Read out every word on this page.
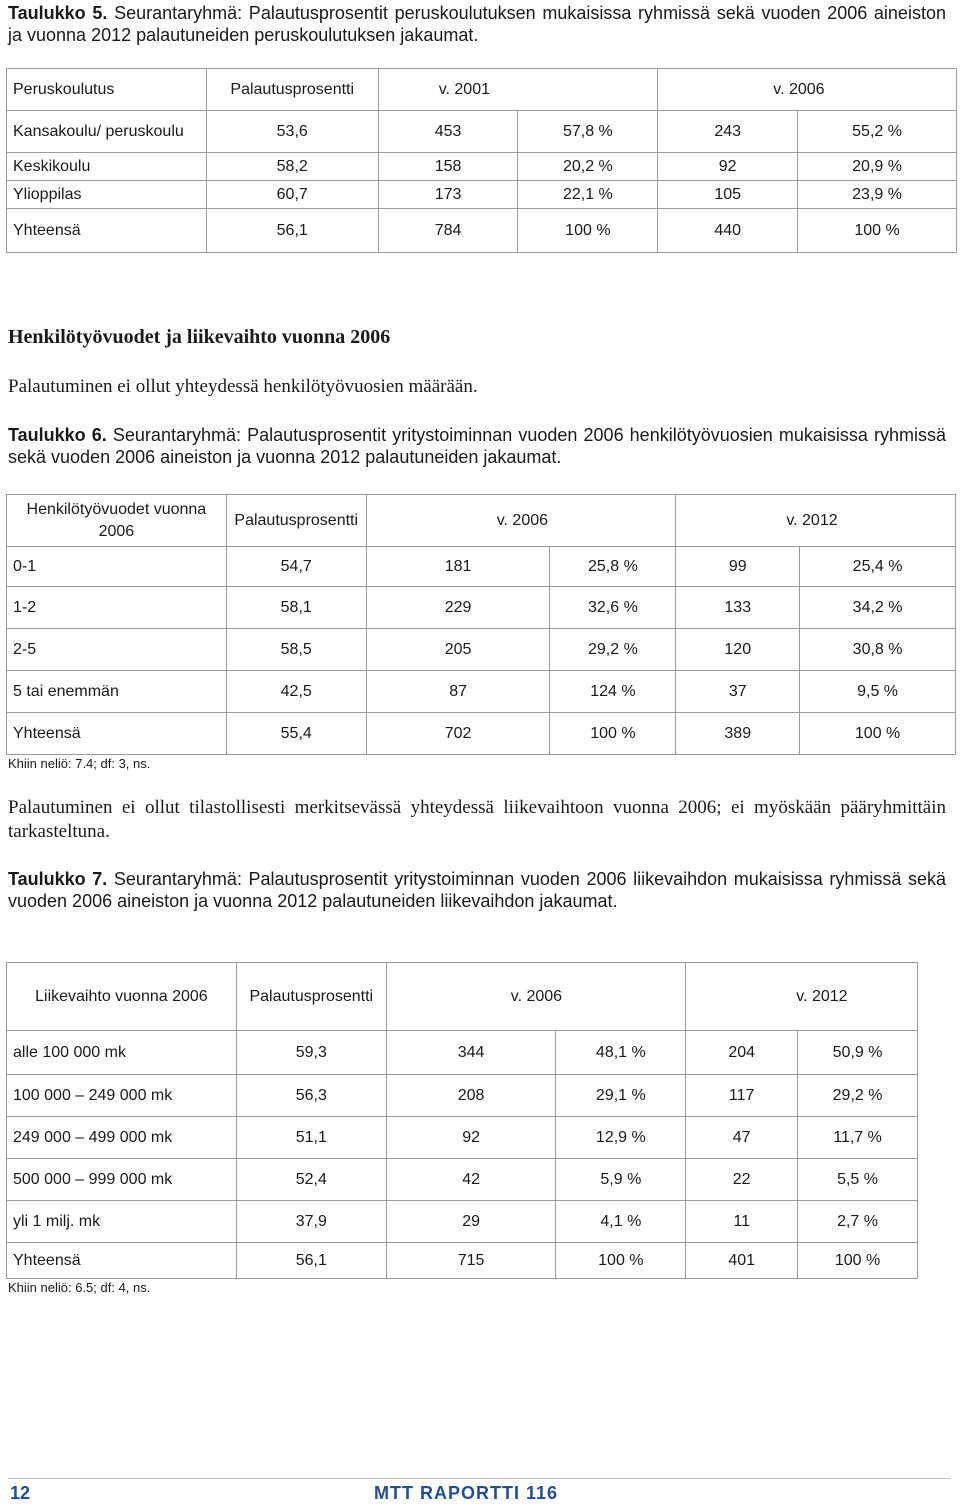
Taulukko 5. Seurantaryhmä: Palautusprosentit peruskoulutuksen mukaisissa ryhmissä sekä vuoden 2006 aineiston ja vuonna 2012 palautuneiden peruskoulutuksen jakaumat.
Peruskoulutus	Palautusprosentti	v. 2001		v. 2006	
Kansakoulu/ peruskoulu	53,6	453	57,8 %	243	55,2 %
Keskikoulu	58,2	158	20,2 %	92	20,9 %
Ylioppilas	60,7	173	22,1 %	105	23,9 %
Yhteensä	56,1	784	100 %	440	100 %
Henkilötyövuodet ja liikevaihto vuonna 2006
Palautuminen ei ollut yhteydessä henkilötyövuosien määrään.
Taulukko 6. Seurantaryhmä: Palautusprosentit yritystoiminnan vuoden 2006 henkilötyövuosien mukaisissa ryhmissä sekä vuoden 2006 aineiston ja vuonna 2012 palautuneiden jakaumat.
Henkilötyövuodet vuonna 2006	Palautusprosentti	v. 2006		v. 2012	
0-1	54,7	181	25,8 %	99	25,4 %
1-2	58,1	229	32,6 %	133	34,2 %
2-5	58,5	205	29,2 %	120	30,8 %
5 tai enemmän	42,5	87	124 %	37	9,5 %
Yhteensä	55,4	702	100 %	389	100 %
Khiin neliö: 7.4; df: 3, ns.
Palautuminen ei ollut tilastollisesti merkitsevässä yhteydessä liikevaihtoon vuonna 2006; ei myöskään pääryhmittäin tarkasteltuna.
Taulukko 7. Seurantaryhmä: Palautusprosentit yritystoiminnan vuoden 2006 liikevaihdon mukaisissa ryhmissä sekä vuoden 2006 aineiston ja vuonna 2012 palautuneiden liikevaihdon jakaumat.
Liikevaihto vuonna 2006	Palautusprosentti	v. 2006		v. 2012	
alle 100 000 mk	59,3	344	48,1 %	204	50,9 %
100 000 – 249 000 mk	56,3	208	29,1 %	117	29,2 %
249 000 – 499 000 mk	51,1	92	12,9 %	47	11,7 %
500 000 – 999 000 mk	52,4	42	5,9 %	22	5,5 %
yli 1 milj. mk	37,9	29	4,1 %	11	2,7 %
Yhteensä	56,1	715	100 %	401	100 %
Khiin neliö: 6.5; df: 4, ns.
12	MTT RAPORTTI 116
